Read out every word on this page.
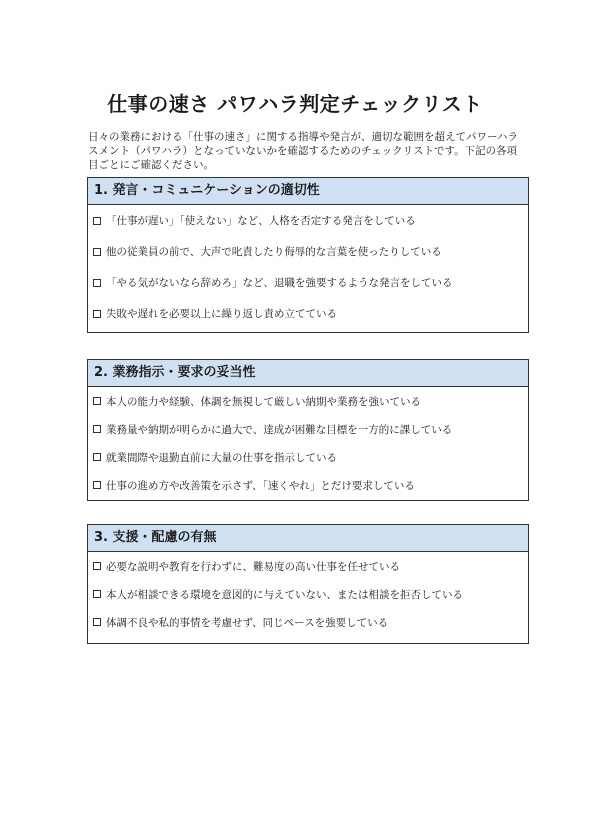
仕事の速さ パワハラ判定チェックリスト
日々の業務における「仕事の速さ」に関する指導や発言が、適切な範囲を超えてパワーハラスメント（パワハラ）となっていないかを確認するためのチェックリストです。下記の各項目ごとにご確認ください。
1. 発言・コミュニケーションの適切性
「仕事が遅い」「使えない」など、人格を否定する発言をしている
他の従業員の前で、大声で叱責したり侮辱的な言葉を使ったりしている
「やる気がないなら辞めろ」など、退職を強要するような発言をしている
失敗や遅れを必要以上に繰り返し責め立てている
2. 業務指示・要求の妥当性
本人の能力や経験、体調を無視して厳しい納期や業務を強いている
業務量や納期が明らかに過大で、達成が困難な目標を一方的に課している
就業間際や退勤直前に大量の仕事を指示している
仕事の進め方や改善策を示さず、「速くやれ」とだけ要求している
3. 支援・配慮の有無
必要な説明や教育を行わずに、難易度の高い仕事を任せている
本人が相談できる環境を意図的に与えていない、または相談を拒否している
体調不良や私的事情を考慮せず、同じペースを強要している
